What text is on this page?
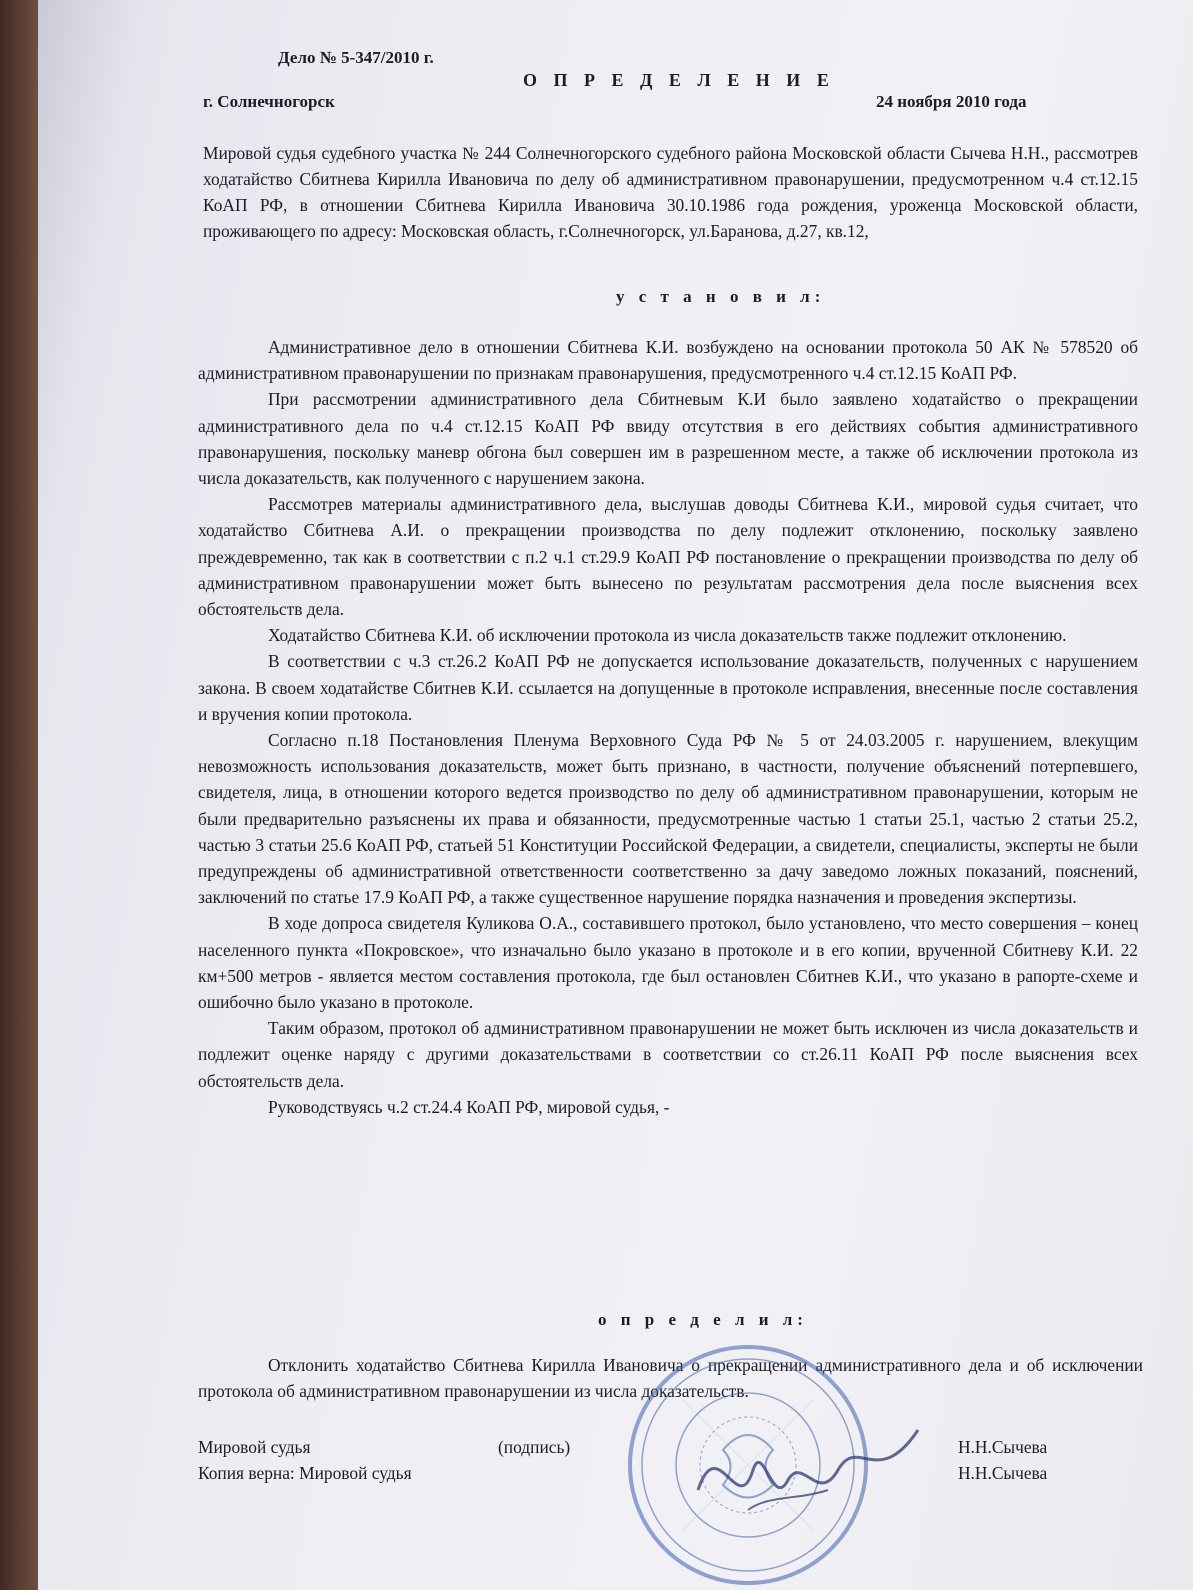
Дело № 5-347/2010 г.
О П Р Е Д Е Л Е Н И Е
г. Солнечногорск	24 ноября 2010 года

Мировой судья судебного участка № 244 Солнечногорского судебного района Московской области Сычева Н.Н., рассмотрев ходатайство Сбитнева Кирилла Ивановича по делу об административном правонарушении, предусмотренном ч.4 ст.12.15 КоАП РФ, в отношении Сбитнева Кирилла Ивановича 30.10.1986 года рождения, уроженца Московской области, проживающего по адресу: Московская область, г.Солнечногорск, ул.Баранова, д.27, кв.12,

у с т а н о в и л:

Административное дело в отношении Сбитнева К.И. возбуждено на основании протокола 50 АК № 578520 об административном правонарушении по признакам правонарушения, предусмотренного ч.4 ст.12.15 КоАП РФ.

При рассмотрении административного дела Сбитневым К.И было заявлено ходатайство о прекращении административного дела по ч.4 ст.12.15 КоАП РФ ввиду отсутствия в его действиях события административного правонарушения, поскольку маневр обгона был совершен им в разрешенном месте, а также об исключении протокола из числа доказательств, как полученного с нарушением закона.

Рассмотрев материалы административного дела, выслушав доводы Сбитнева К.И., мировой судья считает, что ходатайство Сбитнева А.И. о прекращении производства по делу подлежит отклонению, поскольку заявлено преждевременно, так как в соответствии с п.2 ч.1 ст.29.9 КоАП РФ постановление о прекращении производства по делу об административном правонарушении может быть вынесено по результатам рассмотрения дела после выяснения всех обстоятельств дела.

Ходатайство Сбитнева К.И. об исключении протокола из числа доказательств также подлежит отклонению.

В соответствии с ч.3 ст.26.2 КоАП РФ не допускается использование доказательств, полученных с нарушением закона. В своем ходатайстве Сбитнев К.И. ссылается на допущенные в протоколе исправления, внесенные после составления и вручения копии протокола.

Согласно п.18 Постановления Пленума Верховного Суда РФ № 5 от 24.03.2005 г. нарушением, влекущим невозможность использования доказательств, может быть признано, в частности, получение объяснений потерпевшего, свидетеля, лица, в отношении которого ведется производство по делу об административном правонарушении, которым не были предварительно разъяснены их права и обязанности, предусмотренные частью 1 статьи 25.1, частью 2 статьи 25.2, частью 3 статьи 25.6 КоАП РФ, статьей 51 Конституции Российской Федерации, а свидетели, специалисты, эксперты не были предупреждены об административной ответственности соответственно за дачу заведомо ложных показаний, пояснений, заключений по статье 17.9 КоАП РФ, а также существенное нарушение порядка назначения и проведения экспертизы.

В ходе допроса свидетеля Куликова О.А., составившего протокол, было установлено, что место совершения – конец населенного пункта «Покровское», что изначально было указано в протоколе и в его копии, врученной Сбитневу К.И. 22 км+500 метров - является местом составления протокола, где был остановлен Сбитнев К.И., что указано в рапорте-схеме и ошибочно было указано в протоколе.

Таким образом, протокол об административном правонарушении не может быть исключен из числа доказательств и подлежит оценке наряду с другими доказательствами в соответствии со ст.26.11 КоАП РФ после выяснения всех обстоятельств дела.

Руководствуясь ч.2 ст.24.4 КоАП РФ, мировой судья, -

о п р е д е л и л:

Отклонить ходатайство Сбитнева Кирилла Ивановича о прекращении административного дела и об исключении протокола об административном правонарушении из числа доказательств.

Мировой судья	(подпись)	Н.Н.Сычева
Копия верна: Мировой судья	Н.Н.Сычева
